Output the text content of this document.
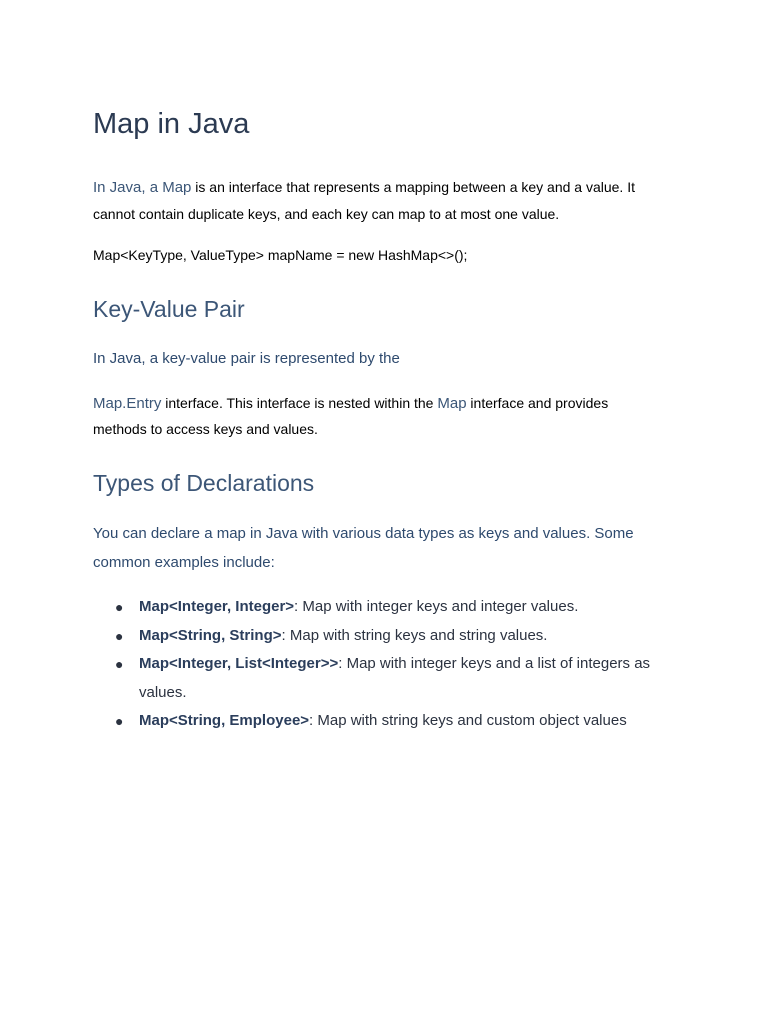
Map in Java

In Java, a Map is an interface that represents a mapping between a key and a value. It

cannot contain duplicate keys, and each key can map to at most one value.

Map<KeyType, ValueType> mapName = new HashMap<>();

Key-Value Pair

In Java, a key-value pair is represented by the

Map.Entry interface. This interface is nested within the Map interface and provides

methods to access keys and values.

Types of Declarations

You can declare a map in Java with various data types as keys and values. Some

common examples include:

● Map<Integer, Integer>: Map with integer keys and integer values.
● Map<String, String>: Map with string keys and string values.
● Map<Integer, List<Integer>>: Map with integer keys and a list of integers as values.
● Map<String, Employee>: Map with string keys and custom object values
